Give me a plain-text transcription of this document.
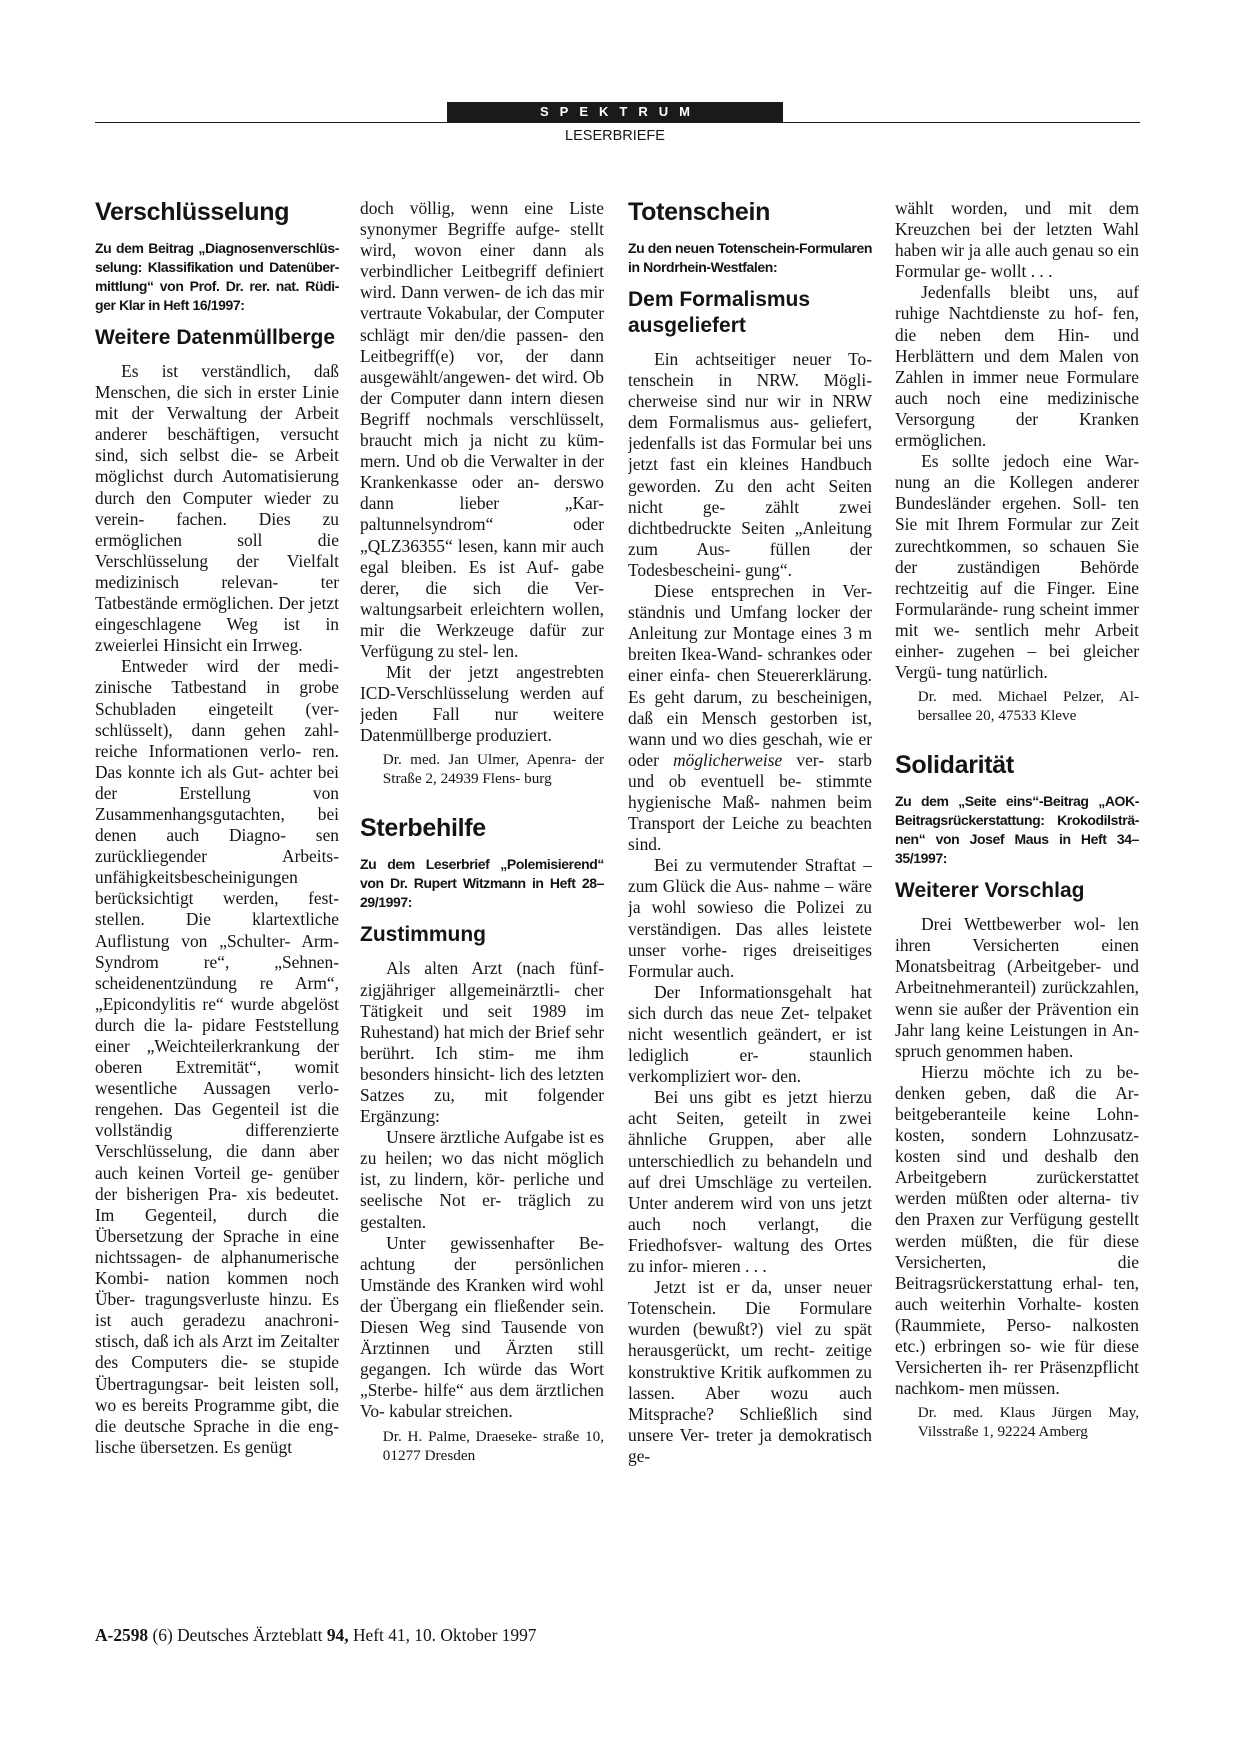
SPEKTRUM
LESERBRIEFE
Verschlüsselung

Zu dem Beitrag „Diagnosenverschlüs- selung: Klassifikation und Datenüber- mittlung“ von Prof. Dr. rer. nat. Rüdi- ger Klar in Heft 16/1997:

Weitere Datenmüllberge

Es ist verständlich, daß Menschen, die sich in erster Linie mit der Verwaltung der Arbeit anderer beschäftigen, versucht sind, sich selbst die- se Arbeit möglichst durch Automatisierung durch den Computer wieder zu verein- fachen. Dies zu ermöglichen soll die Verschlüsselung der Vielfalt medizinisch relevan- ter Tatbestände ermöglichen. Der jetzt eingeschlagene Weg ist in zweierlei Hinsicht ein Irrweg.

Entweder wird der medi- zinische Tatbestand in grobe Schubladen eingeteilt (ver- schlüsselt), dann gehen zahl- reiche Informationen verlo- ren. Das konnte ich als Gut- achter bei der Erstellung von Zusammenhangsgutachten, bei denen auch Diagno- sen zurückliegender Arbeits- unfähigkeitsbescheinigungen berücksichtigt werden, fest- stellen. Die klartextliche Auflistung von „Schulter- Arm-Syndrom re“, „Sehnen- scheidenentzündung re Arm“, „Epicondylitis re“ wurde abgelöst durch die la- pidare Feststellung einer „Weichteilerkrankung der oberen Extremität“, womit wesentliche Aussagen verlo- rengehen. Das Gegenteil ist die vollständig differenzierte Verschlüsselung, die dann aber auch keinen Vorteil ge- genüber der bisherigen Pra- xis bedeutet. Im Gegenteil, durch die Übersetzung der Sprache in eine nichtssagen- de alphanumerische Kombi- nation kommen noch Über- tragungsverluste hinzu. Es ist auch geradezu anachroni- stisch, daß ich als Arzt im Zeitalter des Computers die- se stupide Übertragungsar- beit leisten soll, wo es bereits Programme gibt, die die deutsche Sprache in die eng- lische übersetzen. Es genügt

doch völlig, wenn eine Liste synonymer Begriffe aufge- stellt wird, wovon einer dann als verbindlicher Leitbegriff definiert wird. Dann verwen- de ich das mir vertraute Vokabular, der Computer schlägt mir den/die passen- den Leitbegriff(e) vor, der dann ausgewählt/angewen- det wird. Ob der Computer dann intern diesen Begriff nochmals verschlüsselt, braucht mich ja nicht zu küm- mern. Und ob die Verwalter in der Krankenkasse oder an- derswo dann lieber „Kar- paltunnelsyndrom“ oder „QLZ36355“ lesen, kann mir auch egal bleiben. Es ist Auf- gabe derer, die sich die Ver- waltungsarbeit erleichtern wollen, mir die Werkzeuge dafür zur Verfügung zu stel- len.

Mit der jetzt angestrebten ICD-Verschlüsselung werden auf jeden Fall nur weitere Datenmüllberge produziert.

Dr. med. Jan Ulmer, Apenra- der Straße 2, 24939 Flens- burg

Sterbehilfe

Zu dem Leserbrief „Polemisierend“ von Dr. Rupert Witzmann in Heft 28–29/1997:

Zustimmung

Als alten Arzt (nach fünf- zigjähriger allgemeinärztli- cher Tätigkeit und seit 1989 im Ruhestand) hat mich der Brief sehr berührt. Ich stim- me ihm besonders hinsicht- lich des letzten Satzes zu, mit folgender Ergänzung:

Unsere ärztliche Aufgabe ist es zu heilen; wo das nicht möglich ist, zu lindern, kör- perliche und seelische Not er- träglich zu gestalten.

Unter gewissenhafter Be- achtung der persönlichen Umstände des Kranken wird wohl der Übergang ein fließender sein. Diesen Weg sind Tausende von Ärztinnen und Ärzten still gegangen. Ich würde das Wort „Sterbe- hilfe“ aus dem ärztlichen Vo- kabular streichen.

Dr. H. Palme, Draeseke- straße 10, 01277 Dresden

Totenschein

Zu den neuen Totenschein-Formularen in Nordrhein-Westfalen:

Dem Formalismus ausgeliefert

Ein achtseitiger neuer To- tenschein in NRW. Mögli- cherweise sind nur wir in NRW dem Formalismus aus- geliefert, jedenfalls ist das Formular bei uns jetzt fast ein kleines Handbuch geworden. Zu den acht Seiten nicht ge- zählt zwei dichtbedruckte Seiten „Anleitung zum Aus- füllen der Todesbescheini- gung“.

Diese entsprechen in Ver- ständnis und Umfang locker der Anleitung zur Montage eines 3 m breiten Ikea-Wand- schrankes oder einer einfa- chen Steuererklärung. Es geht darum, zu bescheinigen, daß ein Mensch gestorben ist, wann und wo dies geschah, wie er oder möglicherweise ver- starb und ob eventuell be- stimmte hygienische Maß- nahmen beim Transport der Leiche zu beachten sind.

Bei zu vermutender Straftat – zum Glück die Aus- nahme – wäre ja wohl sowieso die Polizei zu verständigen. Das alles leistete unser vorhe- riges dreiseitiges Formular auch.

Der Informationsgehalt hat sich durch das neue Zet- telpaket nicht wesentlich geändert, er ist lediglich er- staunlich verkompliziert wor- den.

Bei uns gibt es jetzt hierzu acht Seiten, geteilt in zwei ähnliche Gruppen, aber alle unterschiedlich zu behandeln und auf drei Umschläge zu verteilen. Unter anderem wird von uns jetzt auch noch verlangt, die Friedhofsver- waltung des Ortes zu infor- mieren . . .

Jetzt ist er da, unser neuer Totenschein. Die Formulare wurden (bewußt?) viel zu spät herausgerückt, um recht- zeitige konstruktive Kritik aufkommen zu lassen. Aber wozu auch Mitsprache? Schließlich sind unsere Ver- treter ja demokratisch ge-

wählt worden, und mit dem Kreuzchen bei der letzten Wahl haben wir ja alle auch genau so ein Formular ge- wollt . . .

Jedenfalls bleibt uns, auf ruhige Nachtdienste zu hof- fen, die neben dem Hin- und Herblättern und dem Malen von Zahlen in immer neue Formulare auch noch eine medizinische Versorgung der Kranken ermöglichen.

Es sollte jedoch eine War- nung an die Kollegen anderer Bundesländer ergehen. Soll- ten Sie mit Ihrem Formular zur Zeit zurechtkommen, so schauen Sie der zuständigen Behörde rechtzeitig auf die Finger. Eine Formularände- rung scheint immer mit we- sentlich mehr Arbeit einher- zugehen – bei gleicher Vergü- tung natürlich.

Dr. med. Michael Pelzer, Al- bersallee 20, 47533 Kleve

Solidarität

Zu dem „Seite eins“-Beitrag „AOK- Beitragsrückerstattung: Krokodilsträ- nen“ von Josef Maus in Heft 34–35/1997:

Weiterer Vorschlag

Drei Wettbewerber wol- len ihren Versicherten einen Monatsbeitrag (Arbeitgeber- und Arbeitnehmeranteil) zurückzahlen, wenn sie außer der Prävention ein Jahr lang keine Leistungen in An- spruch genommen haben.

Hierzu möchte ich zu be- denken geben, daß die Ar- beitgeberanteile keine Lohn- kosten, sondern Lohnzusatz- kosten sind und deshalb den Arbeitgebern zurückerstattet werden müßten oder alterna- tiv den Praxen zur Verfügung gestellt werden müßten, die für diese Versicherten, die Beitragsrückerstattung erhal- ten, auch weiterhin Vorhalte- kosten (Raummiete, Perso- nalkosten etc.) erbringen so- wie für diese Versicherten ih- rer Präsenzpflicht nachkom- men müssen.

Dr. med. Klaus Jürgen May, Vilsstraße 1, 92224 Amberg

A-2598 (6) Deutsches Ärzteblatt 94, Heft 41, 10. Oktober 1997
